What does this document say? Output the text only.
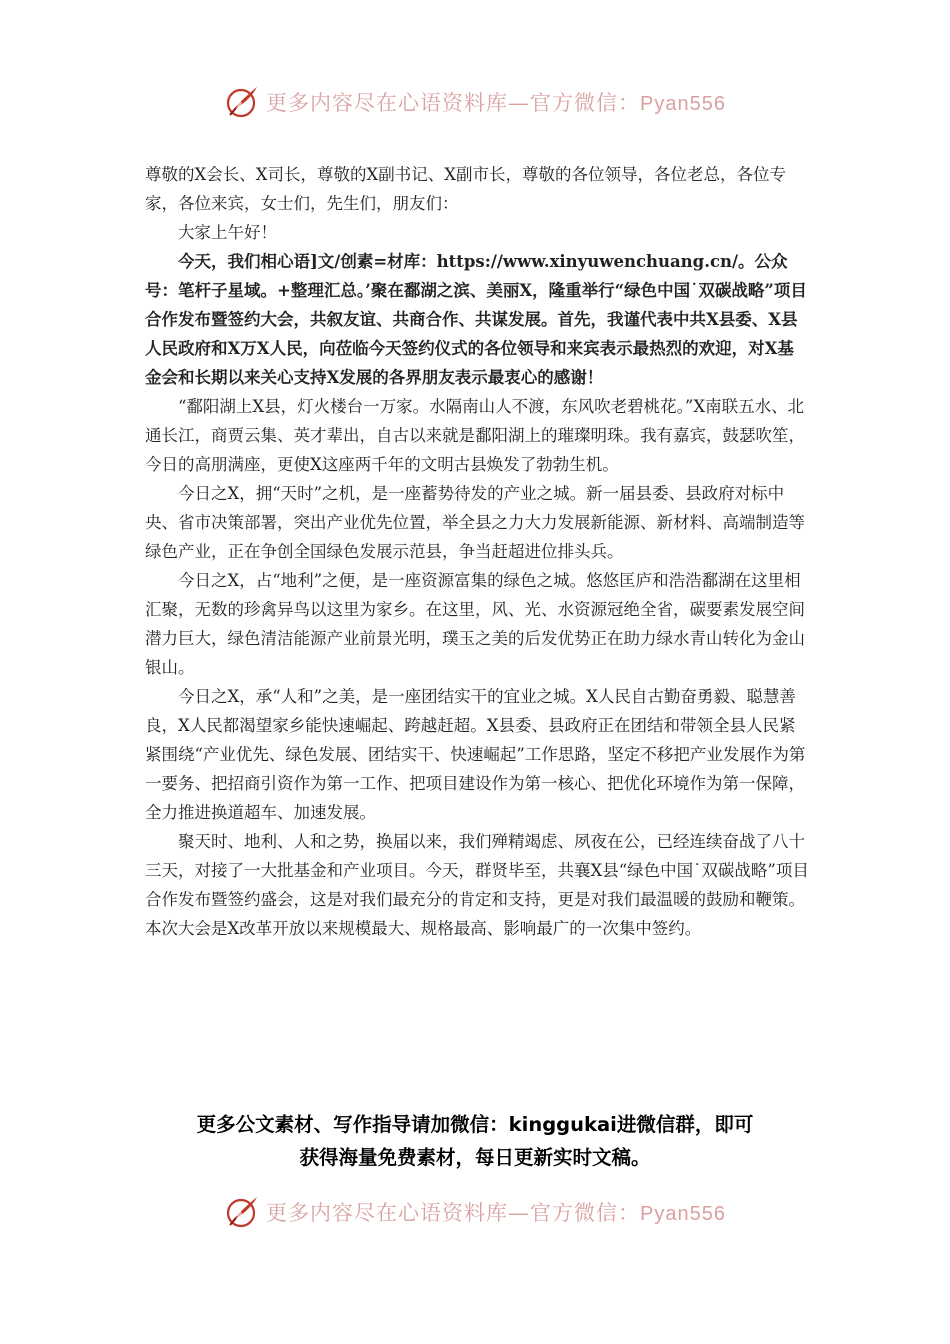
更多内容尽在心语资料库—官方微信：Pyan556

尊敬的X会长、X司长，尊敬的X副书记、X副市长，尊敬的各位领导，各位老总，各位专家，各位来宾，女士们，先生们，朋友们：

大家上午好！

今天，我们相心语]文/创素=材库：https://www.xinyuwenchuang.cn/。公众号：笔杆子星域。+整理汇总。’聚在鄱湖之滨、美丽X，隆重举行“绿色中国˙双碳战略”项目合作发布暨签约大会，共叙友谊、共商合作、共谋发展。首先，我谨代表中共X县委、X县人民政府和X万X人民，向莅临今天签约仪式的各位领导和来宾表示最热烈的欢迎，对X基金会和长期以来关心支持X发展的各界朋友表示最衷心的感谢！

“鄱阳湖上X县，灯火楼台一万家。水隔南山人不渡，东风吹老碧桃花。”X南联五水、北通长江，商贾云集、英才辈出，自古以来就是鄱阳湖上的璀璨明珠。我有嘉宾，鼓瑟吹笙，今日的高朋满座，更使X这座两千年的文明古县焕发了勃勃生机。

今日之X，拥“天时”之机，是一座蓄势待发的产业之城。新一届县委、县政府对标中央、省市决策部署，突出产业优先位置，举全县之力大力发展新能源、新材料、高端制造等绿色产业，正在争创全国绿色发展示范县，争当赶超进位排头兵。

今日之X，占“地利”之便，是一座资源富集的绿色之城。悠悠匡庐和浩浩鄱湖在这里相汇聚，无数的珍禽异鸟以这里为家乡。在这里，风、光、水资源冠绝全省，碳要素发展空间潜力巨大，绿色清洁能源产业前景光明，璞玉之美的后发优势正在助力绿水青山转化为金山银山。

今日之X，承“人和”之美，是一座团结实干的宜业之城。X人民自古勤奋勇毅、聪慧善良，X人民都渴望家乡能快速崛起、跨越赶超。X县委、县政府正在团结和带领全县人民紧紧围绕“产业优先、绿色发展、团结实干、快速崛起”工作思路，坚定不移把产业发展作为第一要务、把招商引资作为第一工作、把项目建设作为第一核心、把优化环境作为第一保障，全力推进换道超车、加速发展。

聚天时、地利、人和之势，换届以来，我们殚精竭虑、夙夜在公，已经连续奋战了八十三天，对接了一大批基金和产业项目。今天，群贤毕至，共襄X县“绿色中国˙双碳战略”项目合作发布暨签约盛会，这是对我们最充分的肯定和支持，更是对我们最温暖的鼓励和鞭策。

本次大会是X改革开放以来规模最大、规格最高、影响最广的一次集中签约。

更多公文素材、写作指导请加微信：kinggukai进微信群，即可
获得海量免费素材，每日更新实时文稿。
更多内容尽在心语资料库—官方微信：Pyan556
